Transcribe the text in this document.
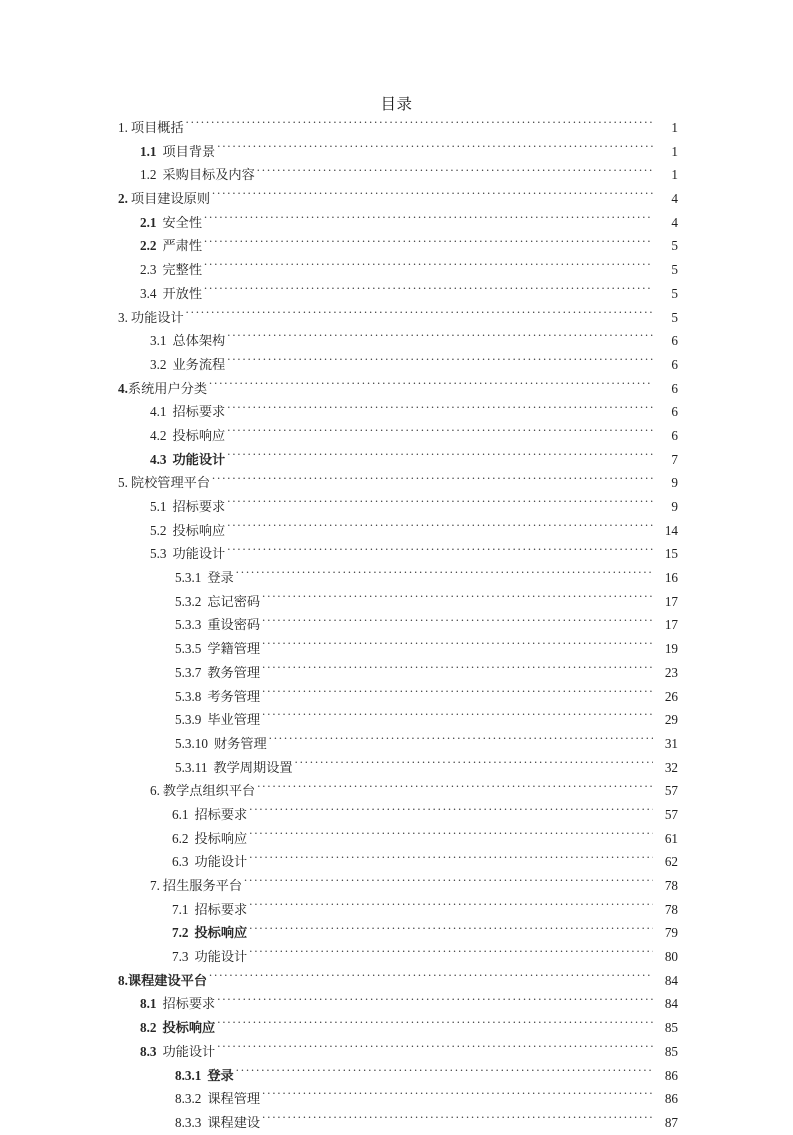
目录
1. 项目概括 . . .	1
1.1 项目背景 . . .	1
1.2 采购目标及内容 . . .	1
2. 项目建设原则 . . .	4
2.1 安全性 . . .	4
2.2 严肃性 . . .	5
2.3 完整性 . . .	5
3.4 开放性 . . .	5
3. 功能设计 . . .	5
3.1 总体架构 . . .	6
3.2 业务流程 . . .	6
4.系统用户分类 . . .	6
4.1 招标要求 . . .	6
4.2 投标响应 . . .	6
4.3 功能设计 . . .	7
5. 院校管理平台 . . .	9
5.1 招标要求 . . .	9
5.2 投标响应 . . .	14
5.3 功能设计 . . .	15
5.3.1 登录 . . .	16
5.3.2 忘记密码 . . .	17
5.3.3 重设密码 . . .	17
5.3.5 学籍管理 . . .	19
5.3.7 教务管理 . . .	23
5.3.8 考务管理 . . .	26
5.3.9 毕业管理 . . .	29
5.3.10 财务管理 . . .	31
5.3.11 教学周期设置 . . .	32
6. 教学点组织平台 . . .	57
6.1 招标要求 . . .	57
6.2 投标响应 . . .	61
6.3 功能设计 . . .	62
7. 招生服务平台 . . .	78
7.1 招标要求 . . .	78
7.2 投标响应 . . .	79
7.3 功能设计 . . .	80
8.课程建设平台 . . .	84
8.1 招标要求 . . .	84
8.2 投标响应 . . .	85
8.3 功能设计 . . .	85
8.3.1 登录 . . .	86
8.3.2 课程管理 . . .	86
8.3.3 课程建设 . . .	87
